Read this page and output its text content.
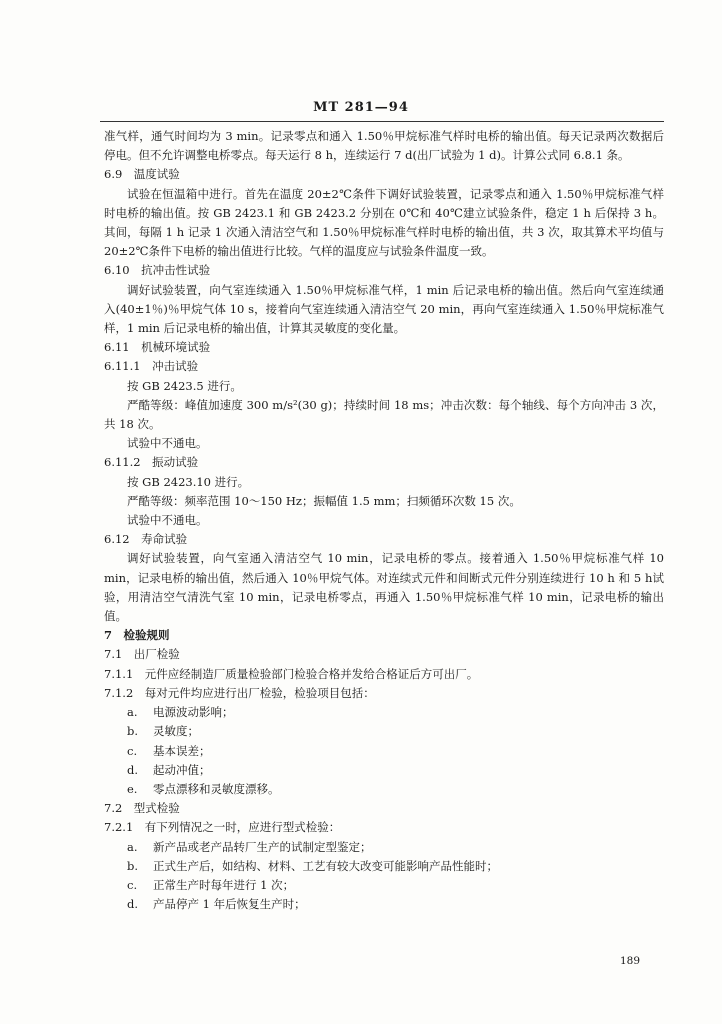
MT 281—94

准气样，通气时间均为 3 min。记录零点和通入 1.50％甲烷标准气样时电桥的输出值。每天记录两次数据后停电。但不允许调整电桥零点。每天运行 8 h，连续运行 7 d(出厂试验为 1 d)。计算公式同 6.8.1 条。

6.9　温度试验

试验在恒温箱中进行。首先在温度 20±2℃条件下调好试验装置，记录零点和通入 1.50％甲烷标准气样时电桥的输出值。按 GB 2423.1 和 GB 2423.2 分别在 0℃和 40℃建立试验条件，稳定 1 h 后保持 3 h。其间，每隔 1 h 记录 1 次通入清洁空气和 1.50％甲烷标准气样时电桥的输出值，共 3 次，取其算术平均值与 20±2℃条件下电桥的输出值进行比较。气样的温度应与试验条件温度一致。

6.10　抗冲击性试验

调好试验装置，向气室连续通入 1.50％甲烷标准气样，1 min 后记录电桥的输出值。然后向气室连续通入(40±1％)％甲烷气体 10 s，接着向气室连续通入清洁空气 20 min，再向气室连续通入 1.50％甲烷标准气样，1 min 后记录电桥的输出值，计算其灵敏度的变化量。

6.11　机械环境试验

6.11.1　冲击试验

按 GB 2423.5 进行。

严酷等级：峰值加速度 300 m/s²(30 g)；持续时间 18 ms；冲击次数：每个轴线、每个方向冲击 3 次，共 18 次。

试验中不通电。

6.11.2　振动试验

按 GB 2423.10 进行。

严酷等级：频率范围 10～150 Hz；振幅值 1.5 mm；扫频循环次数 15 次。

试验中不通电。

6.12　寿命试验

调好试验装置，向气室通入清洁空气 10 min，记录电桥的零点。接着通入 1.50％甲烷标准气样 10 min，记录电桥的输出值，然后通入 10％甲烷气体。对连续式元件和间断式元件分别连续进行 10 h 和 5 h试验，用清洁空气清洗气室 10 min，记录电桥零点，再通入 1.50％甲烷标准气样 10 min，记录电桥的输出值。

7　检验规则

7.1　出厂检验

7.1.1　元件应经制造厂质量检验部门检验合格并发给合格证后方可出厂。

7.1.2　每对元件均应进行出厂检验，检验项目包括：

a. 电源波动影响；

b. 灵敏度；

c. 基本误差；

d. 起动冲值；

e. 零点漂移和灵敏度漂移。

7.2　型式检验

7.2.1　有下列情况之一时，应进行型式检验：

a. 新产品或老产品转厂生产的试制定型鉴定；

b. 正式生产后，如结构、材料、工艺有较大改变可能影响产品性能时；

c. 正常生产时每年进行 1 次；

d. 产品停产 1 年后恢复生产时；

189
